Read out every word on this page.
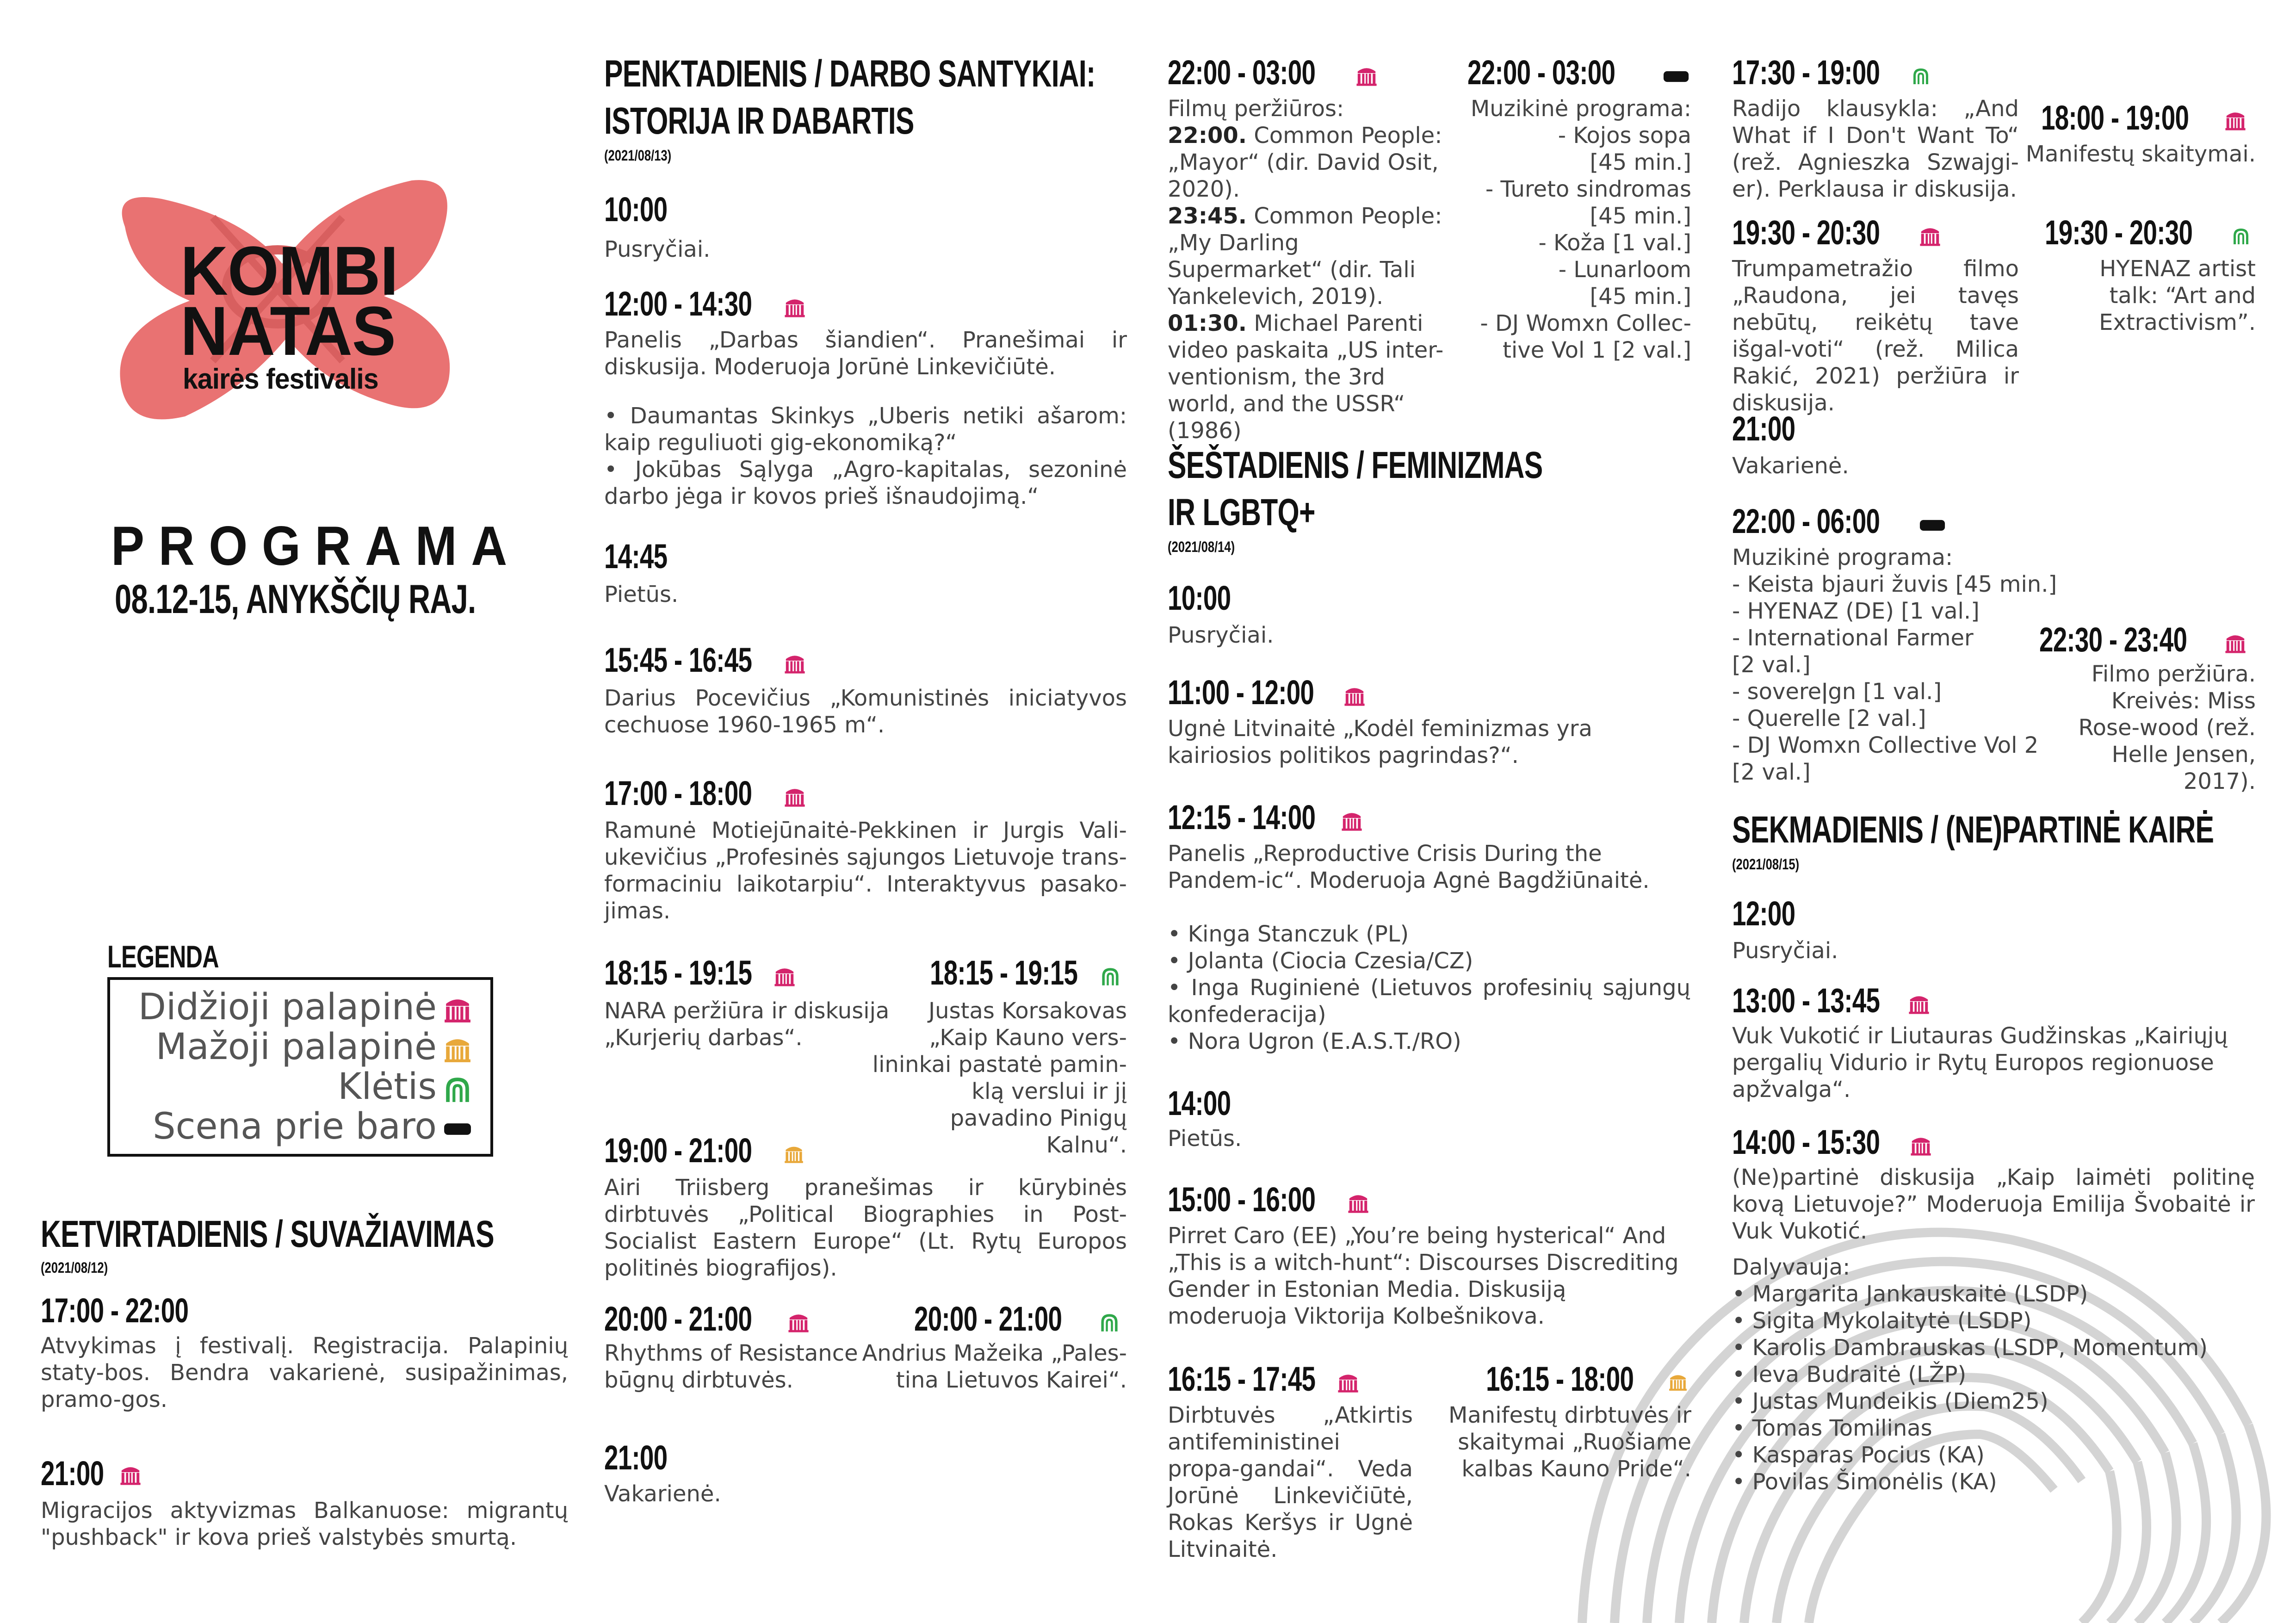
KOMBI
NATAS
kairės festivalis
PROGRAMA
08.12-15, ANYKŠČIŲ RAJ.
LEGENDA
Didžioji palapinė
Mažoji palapinė
Klėtis
Scena prie baro
KETVIRTADIENIS / SUVAŽIAVIMAS
(2021/08/12)
17:00 - 22:00
Atvykimas į festivalį. Registracija. Palapinių staty-bos. Bendra vakarienė, susipažinimas, pramo-gos.
21:00
Migracijos aktyvizmas Balkanuose: migrantų "pushback" ir kova prieš valstybės smurtą.
PENKTADIENIS / DARBO SANTYKIAI:
ISTORIJA IR DABARTIS
(2021/08/13)
10:00
Pusryčiai.
12:00 - 14:30
Panelis „Darbas šiandien“. Pranešimai ir diskusija. Moderuoja Jorūnė Linkevičiūtė.
• Daumantas Skinkys „Uberis netiki ašarom: kaip reguliuoti gig-ekonomiką?“
• Jokūbas Sąlyga „Agro-kapitalas, sezoninė darbo jėga ir kovos prieš išnaudojimą.“
14:45
Pietūs.
15:45 - 16:45
Darius Pocevičius „Komunistinės iniciatyvos cechuose 1960-1965 m“.
17:00 - 18:00
Ramunė Motiejūnaitė-Pekkinen ir Jurgis Vali-ukevičius „Profesinės sąjungos Lietuvoje trans-formaciniu laikotarpiu“. Interaktyvus pasako-jimas.
18:15 - 19:15
NARA peržiūra ir diskusija „Kurjerių darbas“.
18:15 - 19:15
Justas Korsakovas „Kaip Kauno vers-lininkai pastatė pamin-klą verslui ir jį pavadino Pinigų Kalnu“.
19:00 - 21:00
Airi Triisberg pranešimas ir kūrybinės dirbtuvės „Political Biographies in Post-Socialist Eastern Europe“ (Lt. Rytų Europos politinės biografijos).
20:00 - 21:00
Rhythms of Resistance būgnų dirbtuvės.
20:00 - 21:00
Andrius Mažeika „Pales-tina Lietuvos Kairei“.
21:00
Vakarienė.
22:00 - 03:00
Filmų peržiūros:
22:00. Common People: „Mayor“ (dir. David Osit, 2020).
23:45. Common People: „My Darling Supermarket“ (dir. Tali Yankelevich, 2019).
01:30. Michael Parenti video paskaita „US inter-ventionism, the 3rd world, and the USSR“ (1986)
22:00 - 03:00
Muzikinė programa:
- Kojos sopa
[45 min.]
- Tureto sindromas
[45 min.]
- Koža [1 val.]
- Lunarloom
[45 min.]
- DJ Womxn Collec-
tive Vol 1 [2 val.]
ŠEŠTADIENIS / FEMINIZMAS
IR LGBTQ+
(2021/08/14)
10:00
Pusryčiai.
11:00 - 12:00
Ugnė Litvinaitė „Kodėl feminizmas yra kairiosios politikos pagrindas?“.
12:15 - 14:00
Panelis „Reproductive Crisis During the Pandem-ic“. Moderuoja Agnė Bagdžiūnaitė.
• Kinga Stanczuk (PL)
• Jolanta (Ciocia Czesia/CZ)
• Inga Ruginienė (Lietuvos profesinių sąjungų konfederacija)
• Nora Ugron (E.A.S.T./RO)
14:00
Pietūs.
15:00 - 16:00
Pirret Caro (EE) „You’re being hysterical“ And „This is a witch-hunt“: Discourses Discrediting Gender in Estonian Media. Diskusiją moderuoja Viktorija Kolbešnikova.
16:15 - 17:45
Dirbtuvės „Atkirtis antifeministinei propa-gandai“. Veda Jorūnė Linkevičiūtė, Rokas Keršys ir Ugnė Litvinaitė.
16:15 - 18:00
Manifestų dirbtuvės ir skaitymai „Ruošiame kalbas Kauno Pride“.
17:30 - 19:00
Radijo klausykla: „And What if I Don't Want To“ (rež. Agnieszka Szwajgi-er). Perklausa ir diskusija.
18:00 - 19:00
Manifestų skaitymai.
19:30 - 20:30
Trumpametražio filmo „Raudona, jei tavęs nebūtų, reikėtų tave išgal-voti“ (rež. Milica Rakić, 2021) peržiūra ir diskusija.
19:30 - 20:30
HYENAZ artist talk: “Art and Extractivism”.
21:00
Vakarienė.
22:00 - 06:00
Muzikinė programa:
- Keista bjauri žuvis [45 min.]
- HYENAZ (DE) [1 val.]
- International Farmer
[2 val.]
- sovereǀgn [1 val.]
- Querelle [2 val.]
- DJ Womxn Collective Vol 2
[2 val.]
22:30 - 23:40
Filmo peržiūra. Kreivės: Miss Rose-wood (rež. Helle Jensen, 2017).
SEKMADIENIS / (NE)PARTINĖ KAIRĖ
(2021/08/15)
12:00
Pusryčiai.
13:00 - 13:45
Vuk Vukotić ir Liutauras Gudžinskas „Kairiųjų pergalių Vidurio ir Rytų Europos regionuose apžvalga“.
14:00 - 15:30
(Ne)partinė diskusija „Kaip laimėti politinę kovą Lietuvoje?” Moderuoja Emilija Švobaitė ir Vuk Vukotić.
Dalyvauja:
• Margarita Jankauskaitė (LSDP)
• Sigita Mykolaitytė (LSDP)
• Karolis Dambrauskas (LSDP, Momentum)
• Ieva Budraitė (LŽP)
• Justas Mundeikis (Diem25)
• Tomas Tomilinas
• Kasparas Pocius (KA)
• Povilas Šimonėlis (KA)
